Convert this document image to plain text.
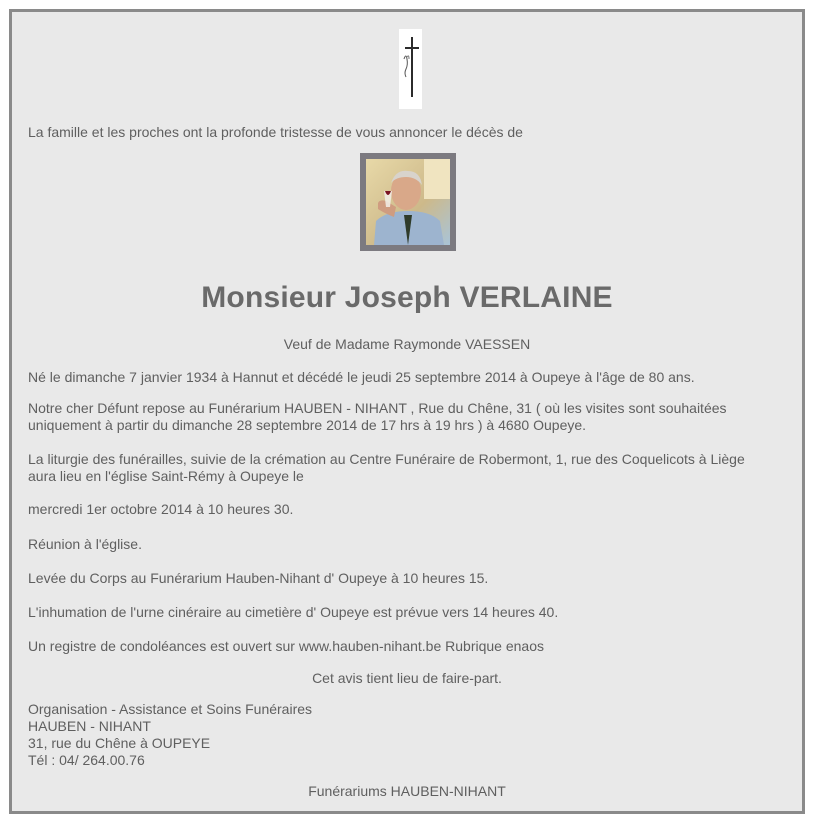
La famille et les proches ont la profonde tristesse de vous annoncer le décès de
Monsieur Joseph VERLAINE
Veuf de Madame Raymonde VAESSEN
Né le dimanche 7 janvier 1934 à Hannut et décédé le jeudi 25 septembre 2014 à Oupeye à l'âge de 80 ans.
Notre cher Défunt repose au Funérarium HAUBEN - NIHANT , Rue du Chêne, 31 ( où les visites sont souhaitées
uniquement à partir du dimanche 28 septembre 2014 de 17 hrs à 19 hrs ) à 4680 Oupeye.
La liturgie des funérailles, suivie de la crémation au Centre Funéraire de Robermont, 1, rue des Coquelicots à Liège
aura lieu en l'église Saint-Rémy à Oupeye le
mercredi 1er octobre 2014 à 10 heures 30.
Réunion à l'église.
Levée du Corps au Funérarium Hauben-Nihant d' Oupeye à 10 heures 15.
L'inhumation de l'urne cinéraire au cimetière d' Oupeye est prévue vers 14 heures 40.
Un registre de condoléances est ouvert sur www.hauben-nihant.be Rubrique enaos
Cet avis tient lieu de faire-part.
Organisation - Assistance et Soins Funéraires
HAUBEN - NIHANT
31, rue du Chêne à OUPEYE
Tél : 04/ 264.00.76
Funérariums HAUBEN-NIHANT
